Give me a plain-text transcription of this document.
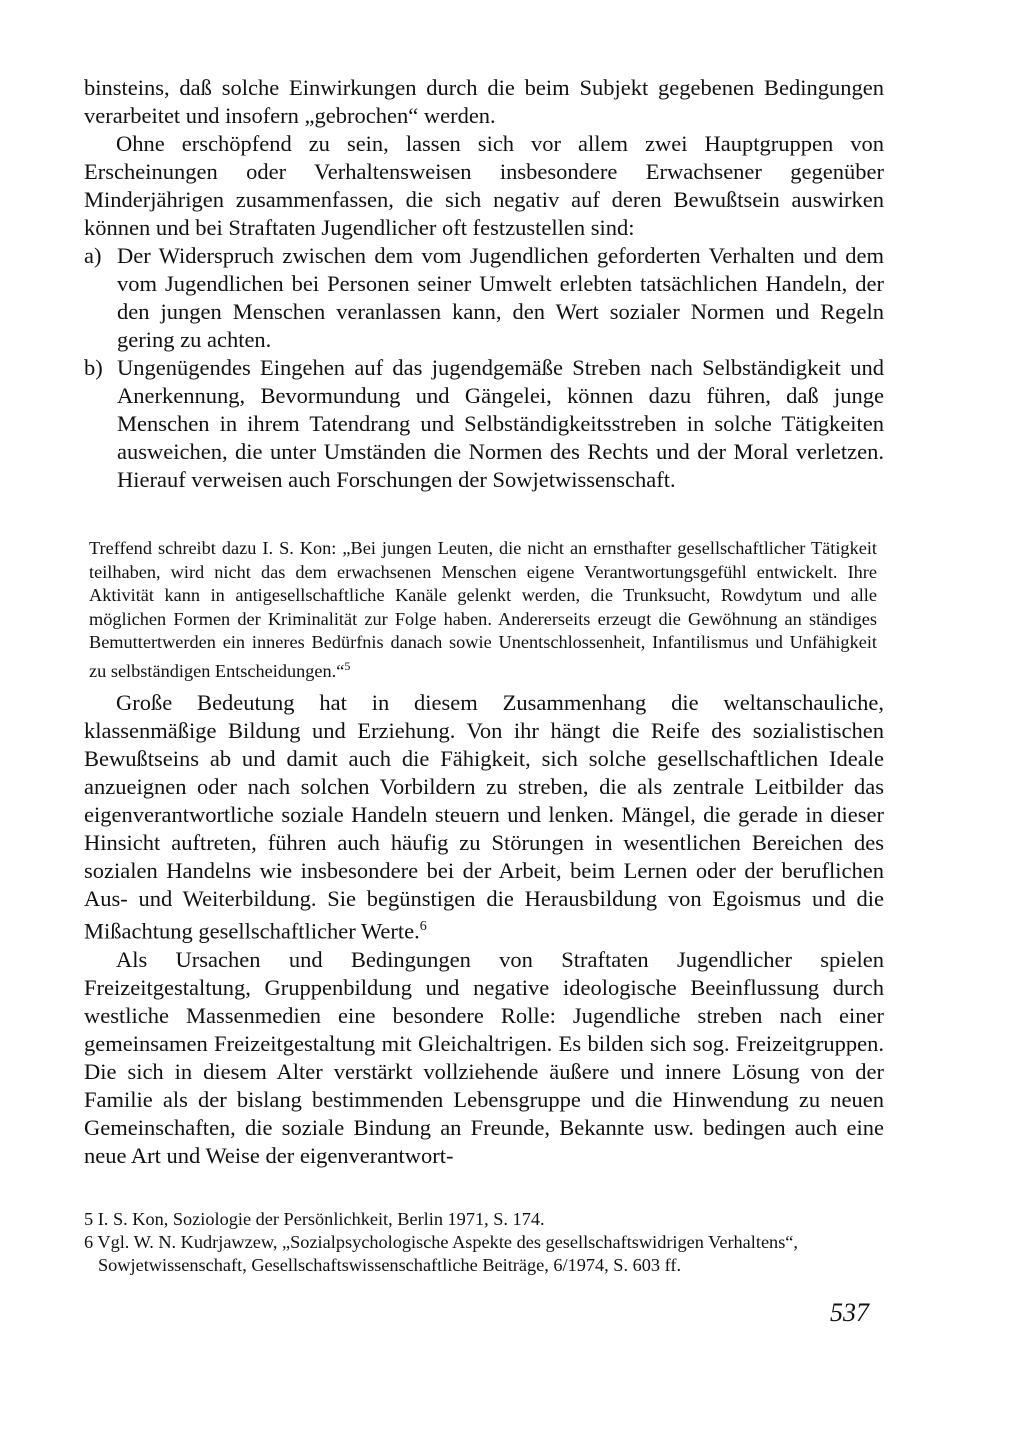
binsteins, daß solche Einwirkungen durch die beim Subjekt gegebenen Bedingungen verarbeitet und insofern „gebrochen“ werden.

Ohne erschöpfend zu sein, lassen sich vor allem zwei Hauptgruppen von Erscheinungen oder Verhaltensweisen insbesondere Erwachsener gegenüber Minderjährigen zusammenfassen, die sich negativ auf deren Bewußtsein auswirken können und bei Straftaten Jugendlicher oft festzustellen sind:

a) Der Widerspruch zwischen dem vom Jugendlichen geforderten Verhalten und dem vom Jugendlichen bei Personen seiner Umwelt erlebten tatsächlichen Handeln, der den jungen Menschen veranlassen kann, den Wert sozialer Normen und Regeln gering zu achten.
b) Ungenügendes Eingehen auf das jugendgemäße Streben nach Selbständigkeit und Anerkennung, Bevormundung und Gängelei, können dazu führen, daß junge Menschen in ihrem Tatendrang und Selbständigkeitsstreben in solche Tätigkeiten ausweichen, die unter Umständen die Normen des Rechts und der Moral verletzen. Hierauf verweisen auch Forschungen der Sowjetwissenschaft.

Treffend schreibt dazu I. S. Kon: „Bei jungen Leuten, die nicht an ernsthafter gesellschaftlicher Tätigkeit teilhaben, wird nicht das dem erwachsenen Menschen eigene Verantwortungsgefühl entwickelt. Ihre Aktivität kann in antigesellschaftliche Kanäle gelenkt werden, die Trunksucht, Rowdytum und alle möglichen Formen der Kriminalität zur Folge haben. Andererseits erzeugt die Gewöhnung an ständiges Bemuttertwerden ein inneres Bedürfnis danach sowie Unentschlossenheit, Infantilismus und Unfähigkeit zu selbständigen Entscheidungen.“$^5$

Große Bedeutung hat in diesem Zusammenhang die weltanschauliche, klassenmäßige Bildung und Erziehung. Von ihr hängt die Reife des sozialistischen Bewußtseins ab und damit auch die Fähigkeit, sich solche gesellschaftlichen Ideale anzueignen oder nach solchen Vorbildern zu streben, die als zentrale Leitbilder das eigenverantwortliche soziale Handeln steuern und lenken. Mängel, die gerade in dieser Hinsicht auftreten, führen auch häufig zu Störungen in wesentlichen Bereichen des sozialen Handelns wie insbesondere bei der Arbeit, beim Lernen oder der beruflichen Aus- und Weiterbildung. Sie begünstigen die Herausbildung von Egoismus und die Mißachtung gesellschaftlicher Werte.$^6$

Als Ursachen und Bedingungen von Straftaten Jugendlicher spielen Freizeitgestaltung, Gruppenbildung und negative ideologische Beeinflussung durch westliche Massenmedien eine besondere Rolle: Jugendliche streben nach einer gemeinsamen Freizeitgestaltung mit Gleichaltrigen. Es bilden sich sog. Freizeitgruppen. Die sich in diesem Alter verstärkt vollziehende äußere und innere Lösung von der Familie als der bislang bestimmenden Lebensgruppe und die Hinwendung zu neuen Gemeinschaften, die soziale Bindung an Freunde, Bekannte usw. bedingen auch eine neue Art und Weise der eigenverantwort-

5 I. S. Kon, Soziologie der Persönlichkeit, Berlin 1971, S. 174.

6 Vgl. W. N. Kudrjawzew, „Sozialpsychologische Aspekte des gesellschaftswidrigen Verhaltens“, Sowjetwissenschaft, Gesellschaftswissenschaftliche Beiträge, 6/1974, S. 603 ff.

537
